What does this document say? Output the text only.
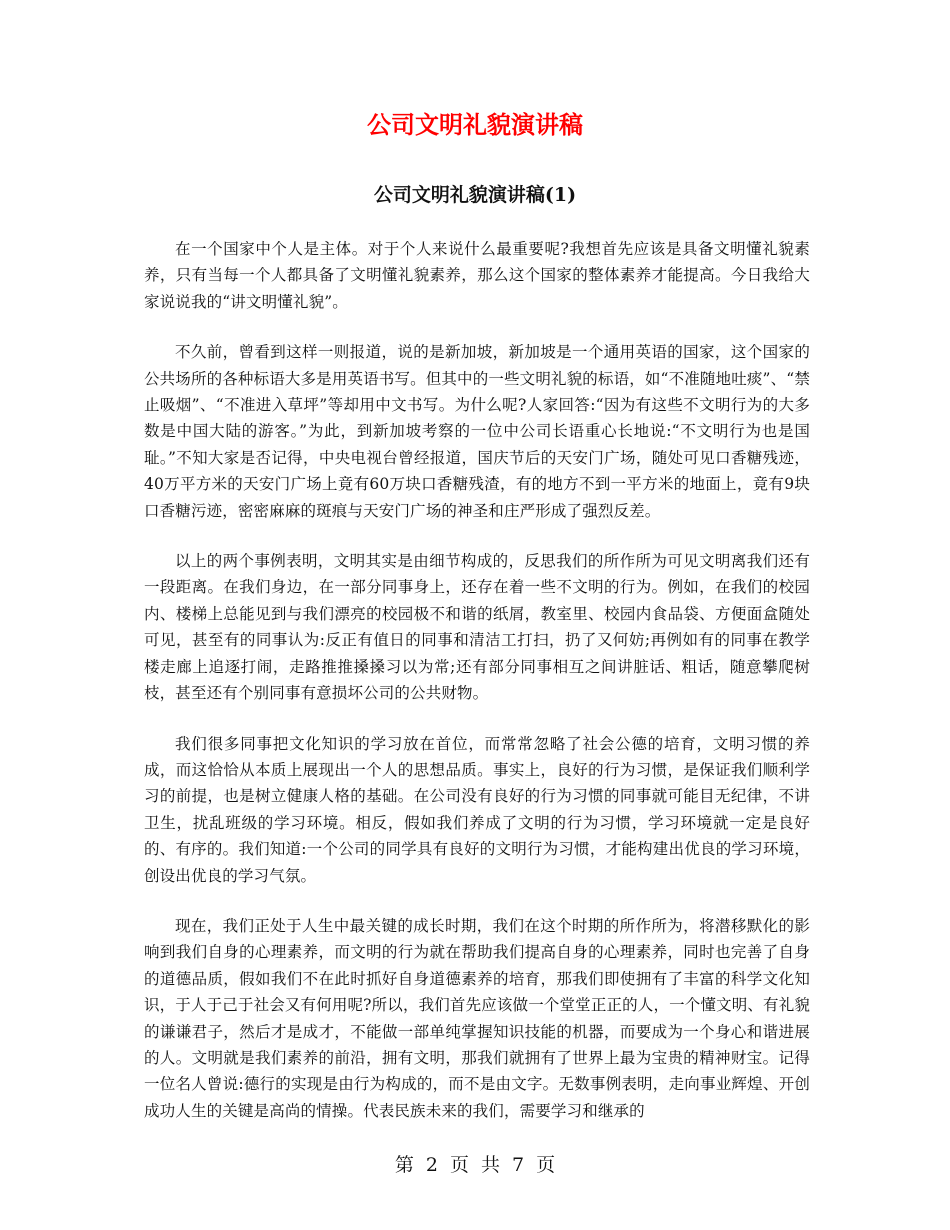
公司文明礼貌演讲稿
公司文明礼貌演讲稿(1)

在一个国家中个人是主体。对于个人来说什么最重要呢?我想首先应该是具备文明懂礼貌素养，只有当每一个人都具备了文明懂礼貌素养，那么这个国家的整体素养才能提高。今日我给大家说说我的“讲文明懂礼貌”。

不久前，曾看到这样一则报道，说的是新加坡，新加坡是一个通用英语的国家，这个国家的公共场所的各种标语大多是用英语书写。但其中的一些文明礼貌的标语，如“不准随地吐痰”、“禁止吸烟”、“不准进入草坪”等却用中文书写。为什么呢?人家回答:“因为有这些不文明行为的大多数是中国大陆的游客。”为此，到新加坡考察的一位中公司长语重心长地说:“不文明行为也是国耻。”不知大家是否记得，中央电视台曾经报道，国庆节后的天安门广场，随处可见口香糖残迹，40万平方米的天安门广场上竟有60万块口香糖残渣，有的地方不到一平方米的地面上，竟有9块口香糖污迹，密密麻麻的斑痕与天安门广场的神圣和庄严形成了强烈反差。

以上的两个事例表明，文明其实是由细节构成的，反思我们的所作所为可见文明离我们还有一段距离。在我们身边，在一部分同事身上，还存在着一些不文明的行为。例如，在我们的校园内、楼梯上总能见到与我们漂亮的校园极不和谐的纸屑，教室里、校园内食品袋、方便面盒随处可见，甚至有的同事认为:反正有值日的同事和清洁工打扫，扔了又何妨;再例如有的同事在教学楼走廊上追逐打闹，走路推推搡搡习以为常;还有部分同事相互之间讲脏话、粗话，随意攀爬树枝，甚至还有个别同事有意损坏公司的公共财物。

我们很多同事把文化知识的学习放在首位，而常常忽略了社会公德的培育，文明习惯的养成，而这恰恰从本质上展现出一个人的思想品质。事实上，良好的行为习惯，是保证我们顺利学习的前提，也是树立健康人格的基础。在公司没有良好的行为习惯的同事就可能目无纪律，不讲卫生，扰乱班级的学习环境。相反，假如我们养成了文明的行为习惯，学习环境就一定是良好的、有序的。我们知道:一个公司的同学具有良好的文明行为习惯，才能构建出优良的学习环境，创设出优良的学习气氛。

现在，我们正处于人生中最关键的成长时期，我们在这个时期的所作所为，将潜移默化的影响到我们自身的心理素养，而文明的行为就在帮助我们提高自身的心理素养，同时也完善了自身的道德品质，假如我们不在此时抓好自身道德素养的培育，那我们即使拥有了丰富的科学文化知识，于人于己于社会又有何用呢?所以，我们首先应该做一个堂堂正正的人，一个懂文明、有礼貌的谦谦君子，然后才是成才，不能做一部单纯掌握知识技能的机器，而要成为一个身心和谐进展的人。文明就是我们素养的前沿，拥有文明，那我们就拥有了世界上最为宝贵的精神财宝。记得一位名人曾说:德行的实现是由行为构成的，而不是由文字。无数事例表明，走向事业辉煌、开创成功人生的关键是高尚的情操。代表民族未来的我们，需要学习和继承的

第 2 页 共 7 页
